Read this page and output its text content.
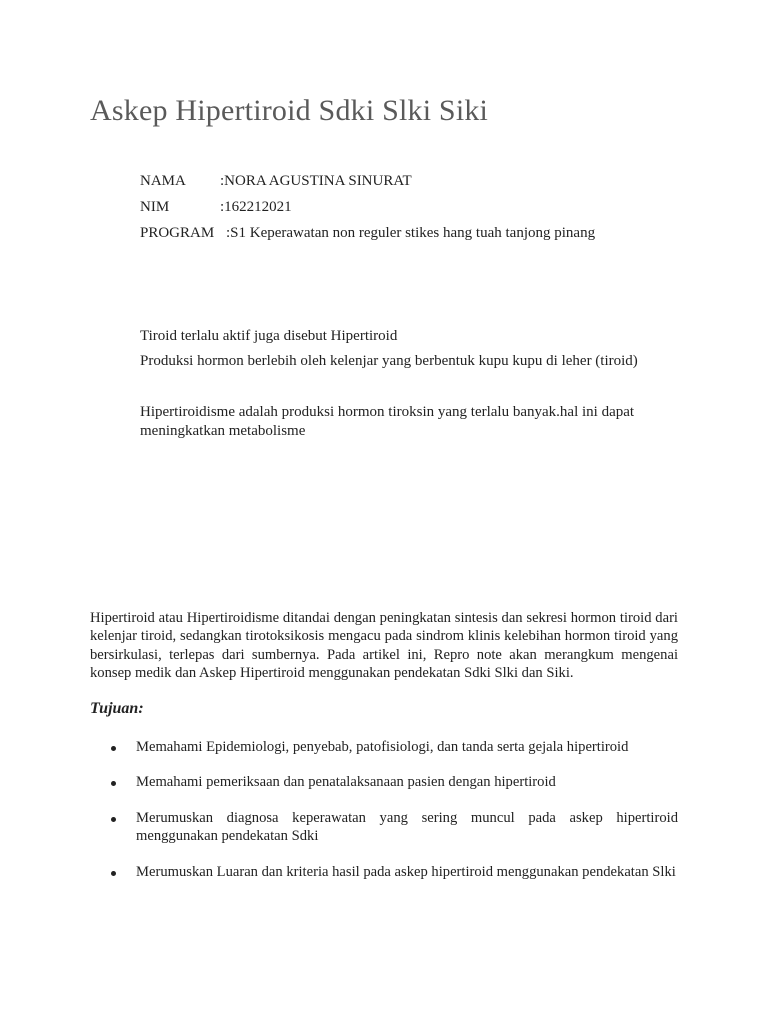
Askep Hipertiroid Sdki Slki Siki
NAMA :NORA AGUSTINA SINURAT
NIM	:162212021
PROGRAM :S1 Keperawatan non reguler stikes hang tuah tanjong pinang

Tiroid terlalu aktif juga disebut Hipertiroid

Produksi hormon berlebih oleh kelenjar yang berbentuk kupu kupu di leher (tiroid)

Hipertiroidisme adalah produksi hormon tiroksin yang terlalu banyak.hal ini dapat meningkatkan metabolisme

Hipertiroid atau Hipertiroidisme ditandai dengan peningkatan sintesis dan sekresi hormon tiroid dari kelenjar tiroid, sedangkan tirotoksikosis mengacu pada sindrom klinis kelebihan hormon tiroid yang bersirkulasi, terlepas dari sumbernya. Pada artikel ini, Repro note akan merangkum mengenai konsep medik dan Askep Hipertiroid menggunakan pendekatan Sdki Slki dan Siki.

Tujuan:

Memahami Epidemiologi, penyebab, patofisiologi, dan tanda serta gejala hipertiroid

Memahami pemeriksaan dan penatalaksanaan pasien dengan hipertiroid

Merumuskan diagnosa keperawatan yang sering muncul pada askep hipertiroid menggunakan pendekatan Sdki

Merumuskan Luaran dan kriteria hasil pada askep hipertiroid menggunakan pendekatan Slki
